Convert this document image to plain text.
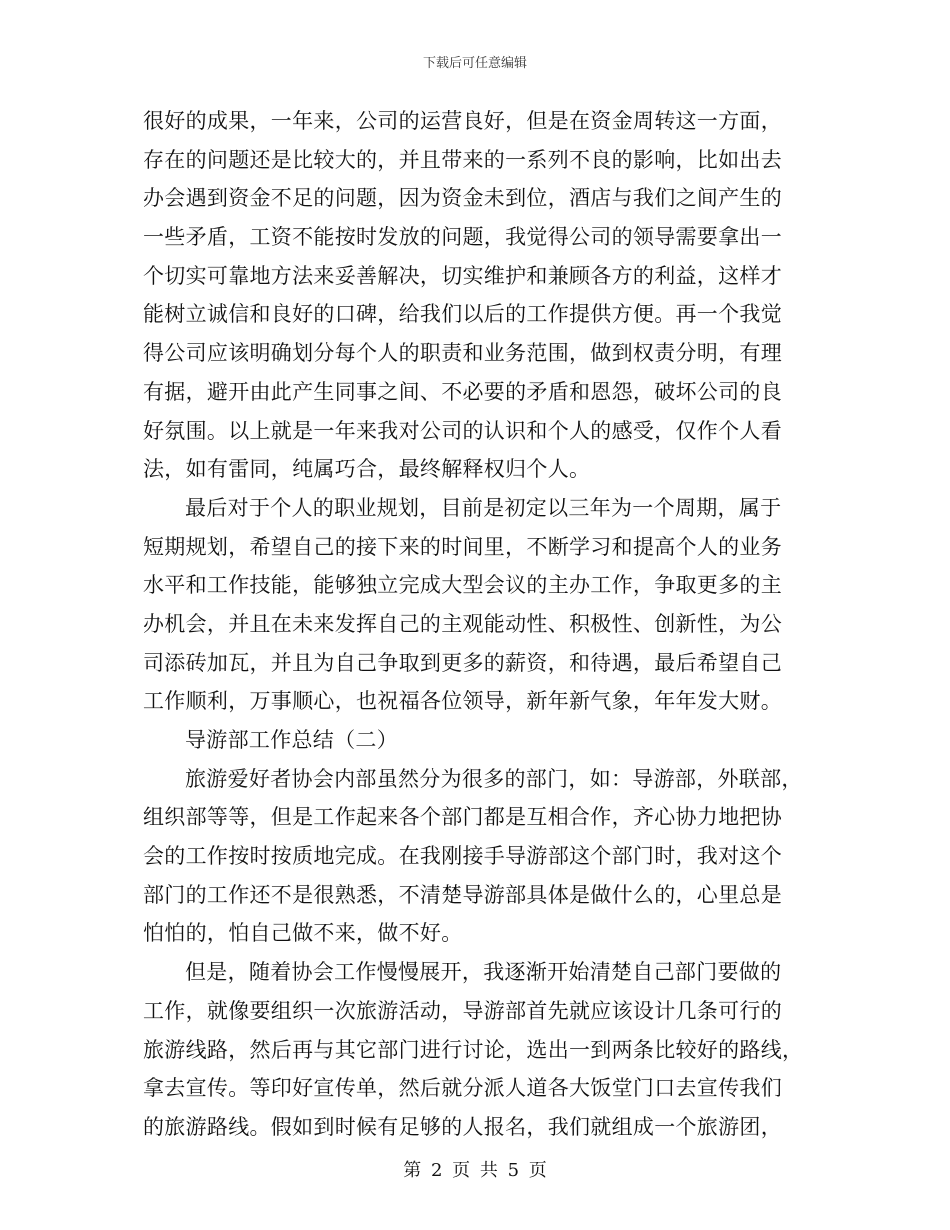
下载后可任意编辑
很好的成果，一年来，公司的运营良好，但是在资金周转这一方面，
存在的问题还是比较大的，并且带来的一系列不良的影响，比如出去
办会遇到资金不足的问题，因为资金未到位，酒店与我们之间产生的
一些矛盾，工资不能按时发放的问题，我觉得公司的领导需要拿出一
个切实可靠地方法来妥善解决，切实维护和兼顾各方的利益，这样才
能树立诚信和良好的口碑，给我们以后的工作提供方便。再一个我觉
得公司应该明确划分每个人的职责和业务范围，做到权责分明，有理
有据，避开由此产生同事之间、不必要的矛盾和恩怨，破坏公司的良
好氛围。以上就是一年来我对公司的认识和个人的感受，仅作个人看
法，如有雷同，纯属巧合，最终解释权归个人。
最后对于个人的职业规划，目前是初定以三年为一个周期，属于
短期规划，希望自己的接下来的时间里，不断学习和提高个人的业务
水平和工作技能，能够独立完成大型会议的主办工作，争取更多的主
办机会，并且在未来发挥自己的主观能动性、积极性、创新性，为公
司添砖加瓦，并且为自己争取到更多的薪资，和待遇，最后希望自己
工作顺利，万事顺心，也祝福各位领导，新年新气象，年年发大财。
导游部工作总结（二）
旅游爱好者协会内部虽然分为很多的部门，如：导游部，外联部，
组织部等等，但是工作起来各个部门都是互相合作，齐心协力地把协
会的工作按时按质地完成。在我刚接手导游部这个部门时，我对这个
部门的工作还不是很熟悉，不清楚导游部具体是做什么的，心里总是
怕怕的，怕自己做不来，做不好。
但是，随着协会工作慢慢展开，我逐渐开始清楚自己部门要做的
工作，就像要组织一次旅游活动，导游部首先就应该设计几条可行的
旅游线路，然后再与其它部门进行讨论，选出一到两条比较好的路线，
拿去宣传。等印好宣传单，然后就分派人道各大饭堂门口去宣传我们
的旅游路线。假如到时候有足够的人报名，我们就组成一个旅游团，
第 2 页 共 5 页
